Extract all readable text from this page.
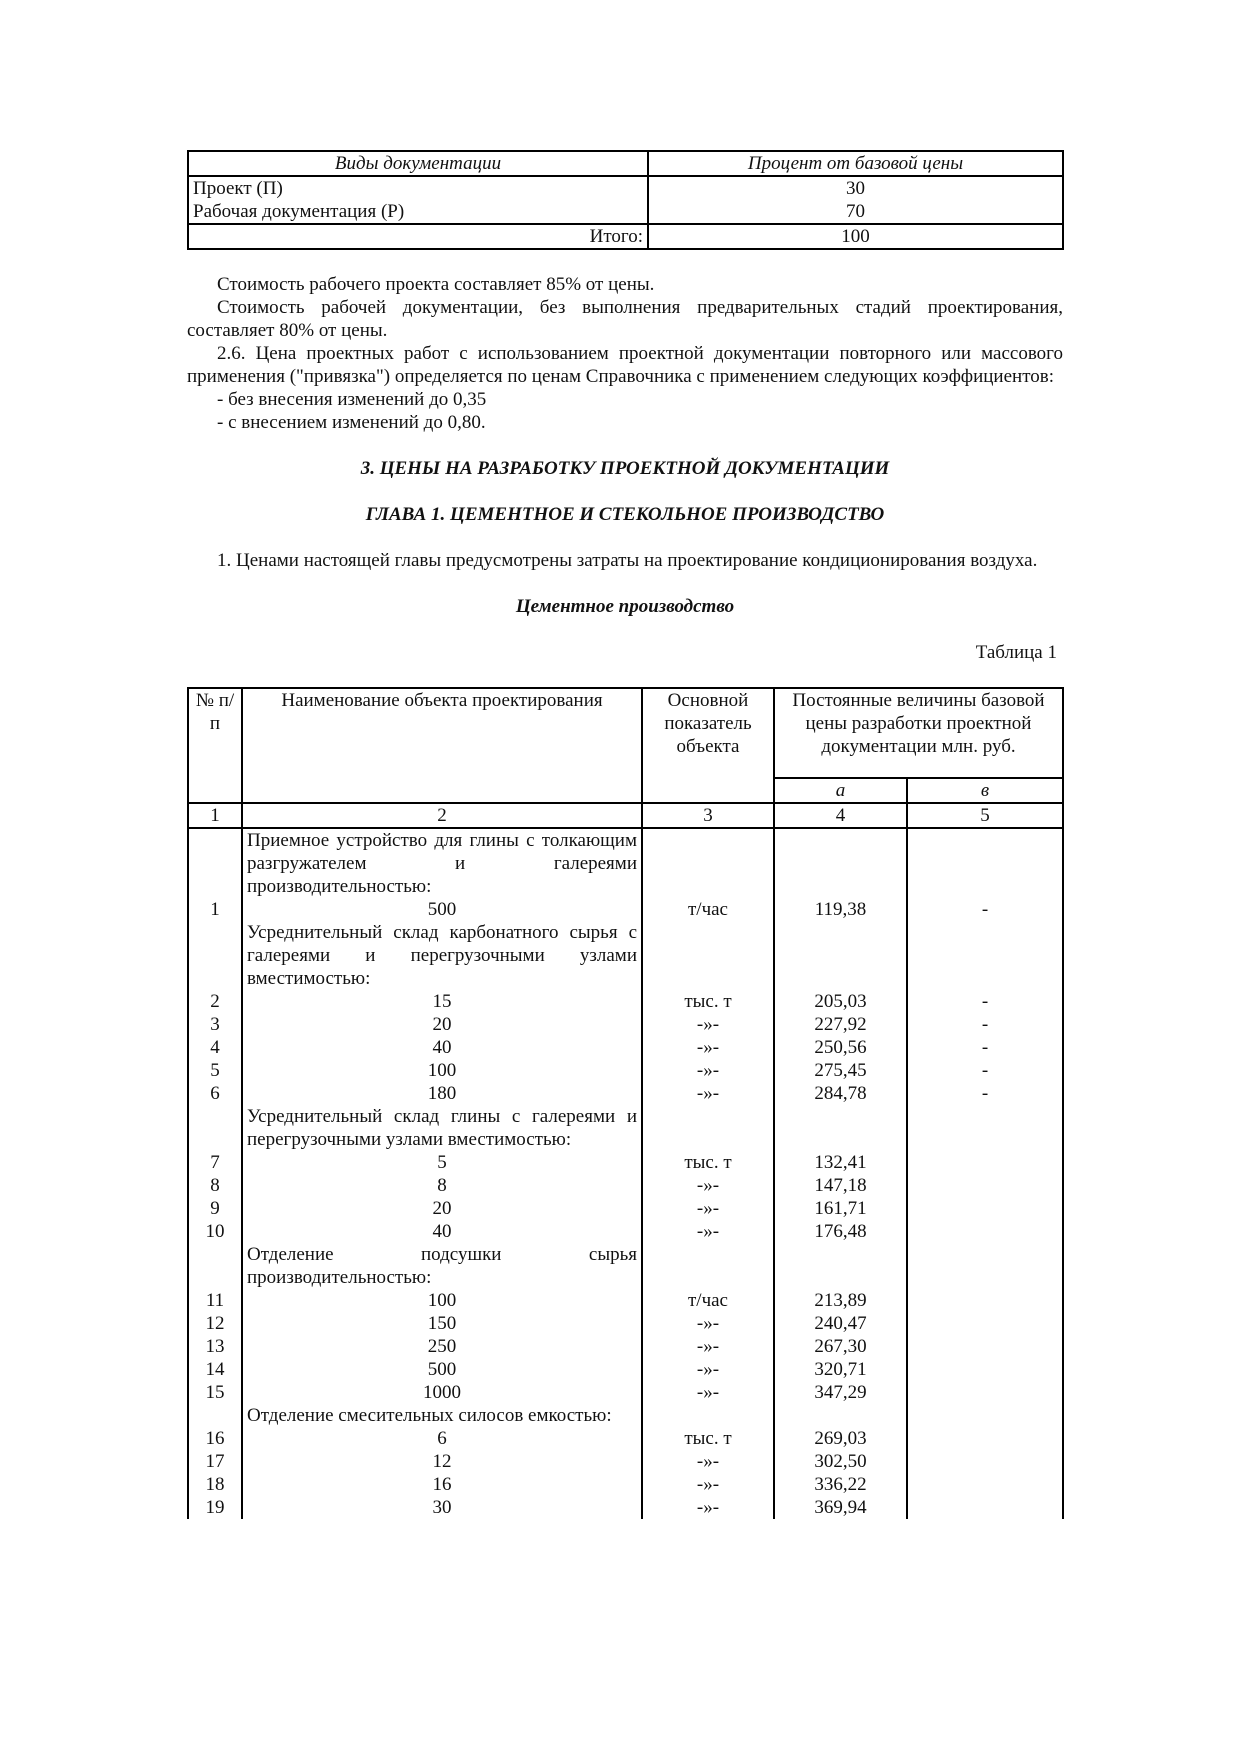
Виды документации	Процент от базовой цены
Проект (П)	30
Рабочая документация (Р)	70
Итого:	100

Стоимость рабочего проекта составляет 85% от цены.

Стоимость рабочей документации, без выполнения предварительных стадий проектирования, составляет 80% от цены.

2.6. Цена проектных работ с использованием проектной документации повторного или массового применения ("привязка") определяется по ценам Справочника с применением следующих коэффициентов:

- без внесения изменений до 0,35

- с внесением изменений до 0,80.

3. ЦЕНЫ НА РАЗРАБОТКУ ПРОЕКТНОЙ ДОКУМЕНТАЦИИ

ГЛАВА 1. ЦЕМЕНТНОЕ И СТЕКОЛЬНОЕ ПРОИЗВОДСТВО

1. Ценами настоящей главы предусмотрены затраты на проектирование кондиционирования воздуха.

Цементное производство

Таблица 1
№ п/п	Наименование объекта проектирования	Основной показатель объекта	Постоянные величины базовой цены разработки проектной документации млн. руб.	
			а	в
1	2	3	4	5
	Приемное устройство для глины с толкающим разгружателем и галереями производительностью:			
1	500	т/час	119,38	-
	Усреднительный склад карбонатного сырья с галереями и перегрузочными узлами вместимостью:			
2	15	тыс. т	205,03	-
3	20	-»-	227,92	-
4	40	-»-	250,56	-
5	100	-»-	275,45	-
6	180	-»-	284,78	-
	Усреднительный склад глины с галереями и перегрузочными узлами вместимостью:			
7	5	тыс. т	132,41	
8	8	-»-	147,18	
9	20	-»-	161,71	
10	40	-»-	176,48	
	Отделение подсушки сырья производительностью:			
11	100	т/час	213,89	
12	150	-»-	240,47	
13	250	-»-	267,30	
14	500	-»-	320,71	
15	1000	-»-	347,29	
	Отделение смесительных силосов емкостью:			
16	6	тыс. т	269,03	
17	12	-»-	302,50	
18	16	-»-	336,22	
19	30	-»-	369,94	
